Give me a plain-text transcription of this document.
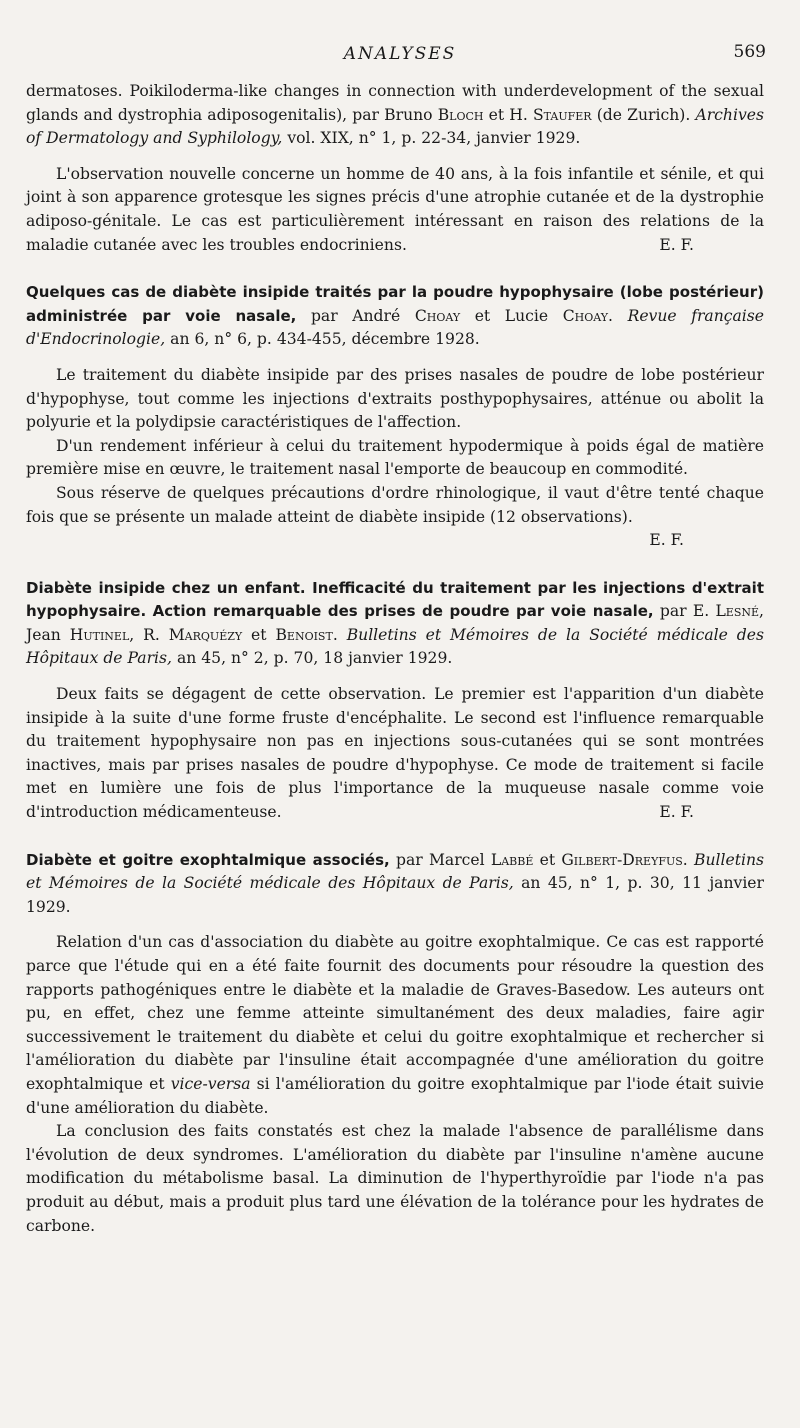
ANALYSES	569

dermatoses. Poikiloderma-like changes in connection with underdevelopment of the sexual glands and dystrophia adiposogenitalis), par Bruno Bloch et H. Staufer (de Zurich). Archives of Dermatology and Syphilology, vol. XIX, n° 1, p. 22-34, janvier 1929.

L'observation nouvelle concerne un homme de 40 ans, à la fois infantile et sénile, et qui joint à son apparence grotesque les signes précis d'une atrophie cutanée et de la dystrophie adiposo-génitale. Le cas est particulièrement intéressant en raison des relations de la maladie cutanée avec les troubles endocriniens.	E. F.

Quelques cas de diabète insipide traités par la poudre hypophysaire (lobe postérieur) administrée par voie nasale, par André Choay et Lucie Choay. Revue française d'Endocrinologie, an 6, n° 6, p. 434-455, décembre 1928.

Le traitement du diabète insipide par des prises nasales de poudre de lobe postérieur d'hypophyse, tout comme les injections d'extraits posthypophysaires, atténue ou abolit la polyurie et la polydipsie caractéristiques de l'affection.

D'un rendement inférieur à celui du traitement hypodermique à poids égal de matière première mise en œuvre, le traitement nasal l'emporte de beaucoup en commodité.

Sous réserve de quelques précautions d'ordre rhinologique, il vaut d'être tenté chaque fois que se présente un malade atteint de diabète insipide (12 observations).

E. F.

Diabète insipide chez un enfant. Inefficacité du traitement par les injections d'extrait hypophysaire. Action remarquable des prises de poudre par voie nasale, par E. Lesné, Jean Hutinel, R. Marquézy et Benoist. Bulletins et Mémoires de la Société médicale des Hôpitaux de Paris, an 45, n° 2, p. 70, 18 janvier 1929.

Deux faits se dégagent de cette observation. Le premier est l'apparition d'un diabète insipide à la suite d'une forme fruste d'encéphalite. Le second est l'influence remarquable du traitement hypophysaire non pas en injections sous-cutanées qui se sont montrées inactives, mais par prises nasales de poudre d'hypophyse. Ce mode de traitement si facile met en lumière une fois de plus l'importance de la muqueuse nasale comme voie d'introduction médicamenteuse.	E. F.

Diabète et goitre exophtalmique associés, par Marcel Labbé et Gilbert-Dreyfus. Bulletins et Mémoires de la Société médicale des Hôpitaux de Paris, an 45, n° 1, p. 30, 11 janvier 1929.

Relation d'un cas d'association du diabète au goitre exophtalmique. Ce cas est rapporté parce que l'étude qui en a été faite fournit des documents pour résoudre la question des rapports pathogéniques entre le diabète et la maladie de Graves-Basedow. Les auteurs ont pu, en effet, chez une femme atteinte simultanément des deux maladies, faire agir successivement le traitement du diabète et celui du goitre exophtalmique et rechercher si l'amélioration du diabète par l'insuline était accompagnée d'une amélioration du goitre exophtalmique et vice-versa si l'amélioration du goitre exophtalmique par l'iode était suivie d'une amélioration du diabète.

La conclusion des faits constatés est chez la malade l'absence de parallélisme dans l'évolution de deux syndromes. L'amélioration du diabète par l'insuline n'amène aucune modification du métabolisme basal. La diminution de l'hyperthyroïdie par l'iode n'a pas produit au début, mais a produit plus tard une élévation de la tolérance pour les hydrates de carbone.
